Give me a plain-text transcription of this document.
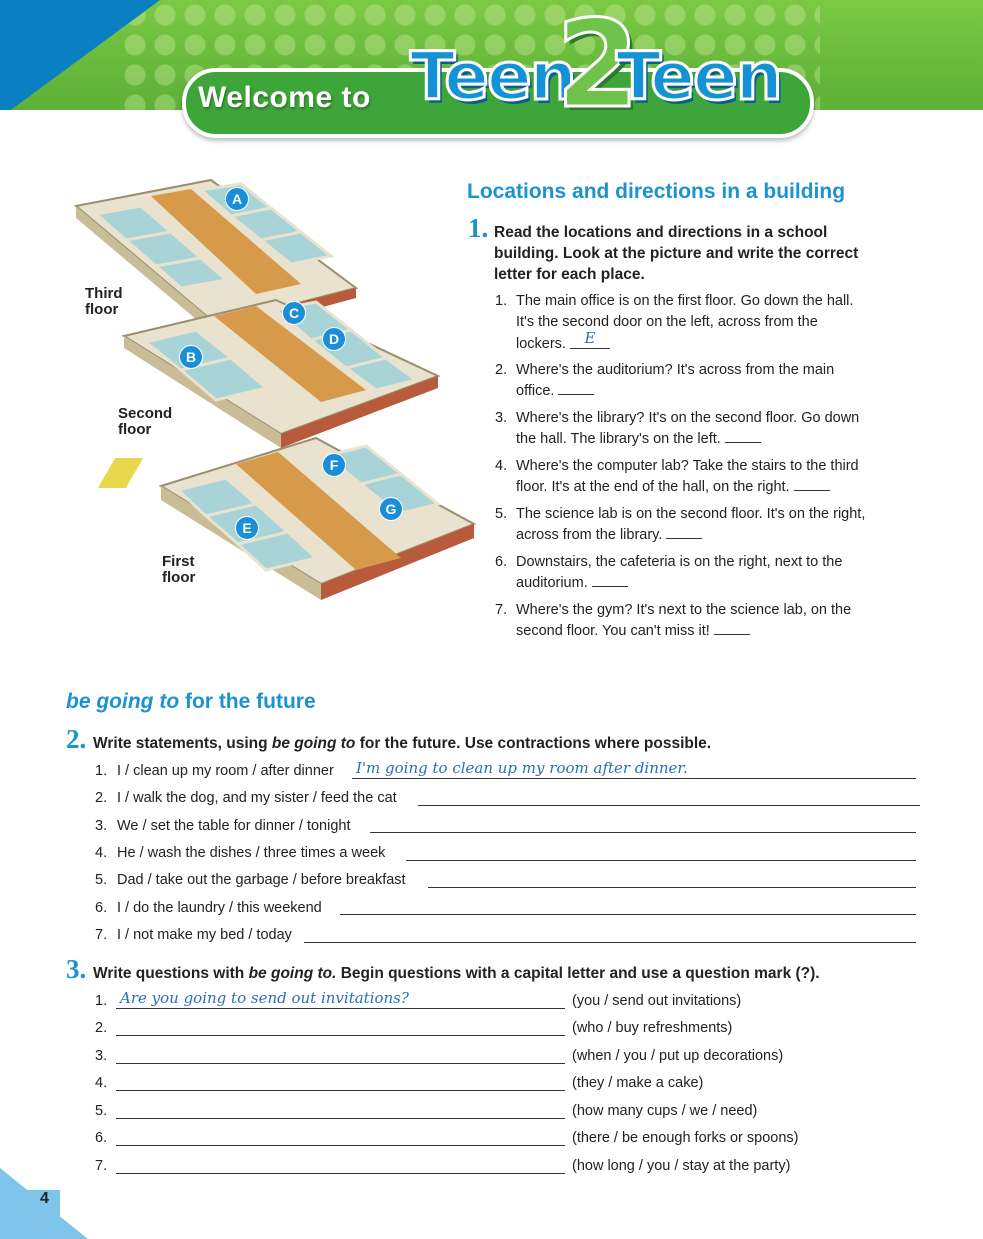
Welcome to Teen
2
Teen
Third
floor
Second
floor
First
floor
A
B
C
D
E
F
G
Locations and directions in a building
1. Read the locations and directions in a school
building. Look at the picture and write the correct
letter for each place.
1. The main office is on the first floor. Go down the hall.
It's the second door on the left, across from the
lockers. E
2. Where's the auditorium? It's across from the main
office.
3. Where's the library? It's on the second floor. Go down
the hall. The library's on the left.
4. Where's the computer lab? Take the stairs to the third
floor. It's at the end of the hall, on the right.
5. The science lab is on the second floor. It's on the right,
across from the library.
6. Downstairs, the cafeteria is on the right, next to the
auditorium.
7. Where's the gym? It's next to the science lab, on the
second floor. You can't miss it!
be going to for the future
2. Write statements, using be going to for the future. Use contractions where possible.
1. I / clean up my room / after dinner I'm going to clean up my room after dinner.
2. I / walk the dog, and my sister / feed the cat
3. We / set the table for dinner / tonight
4. He / wash the dishes / three times a week
5. Dad / take out the garbage / before breakfast
6. I / do the laundry / this weekend
7. I / not make my bed / today
3. Write questions with be going to. Begin questions with a capital letter and use a question mark (?).
1. Are you going to send out invitations?	(you / send out invitations)
2.	(who / buy refreshments)
3.	(when / you / put up decorations)
4.	(they / make a cake)
5.	(how many cups / we / need)
6.	(there / be enough forks or spoons)
7.	(how long / you / stay at the party)
4
